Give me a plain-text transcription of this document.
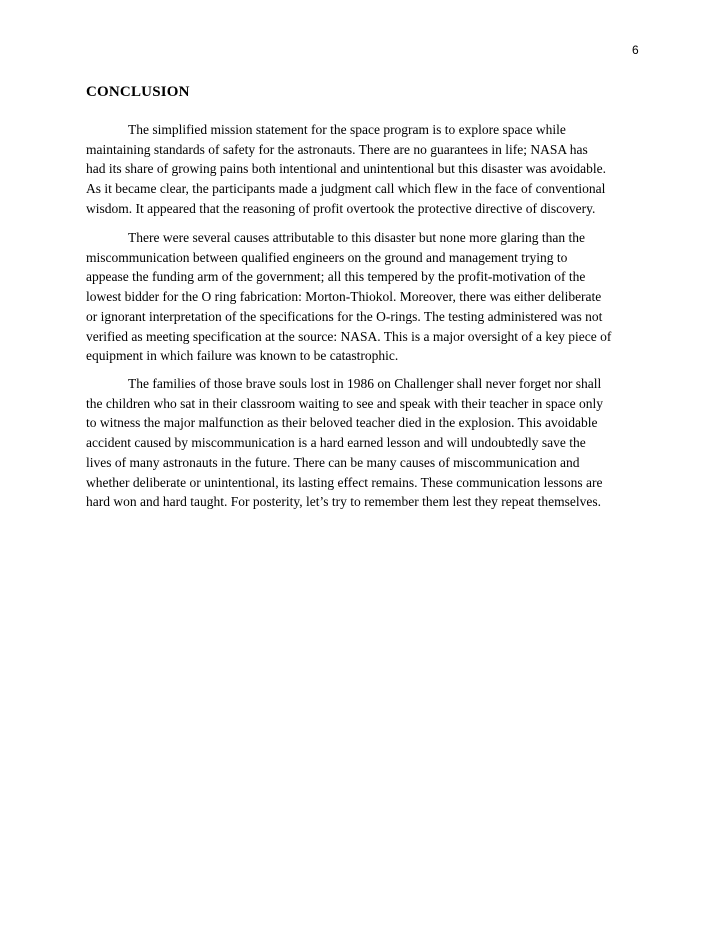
6
CONCLUSION
The simplified mission statement for the space program is to explore space while
maintaining standards of safety for the astronauts. There are no guarantees in life; NASA has
had its share of growing pains both intentional and unintentional but this disaster was avoidable.
As it became clear, the participants made a judgment call which flew in the face of conventional
wisdom. It appeared that the reasoning of profit overtook the protective directive of discovery.
There were several causes attributable to this disaster but none more glaring than the
miscommunication between qualified engineers on the ground and management trying to
appease the funding arm of the government; all this tempered by the profit-motivation of the
lowest bidder for the O ring fabrication: Morton-Thiokol. Moreover, there was either deliberate
or ignorant interpretation of the specifications for the O-rings. The testing administered was not
verified as meeting specification at the source: NASA. This is a major oversight of a key piece of
equipment in which failure was known to be catastrophic.
The families of those brave souls lost in 1986 on Challenger shall never forget nor shall
the children who sat in their classroom waiting to see and speak with their teacher in space only
to witness the major malfunction as their beloved teacher died in the explosion. This avoidable
accident caused by miscommunication is a hard earned lesson and will undoubtedly save the
lives of many astronauts in the future. There can be many causes of miscommunication and
whether deliberate or unintentional, its lasting effect remains. These communication lessons are
hard won and hard taught. For posterity, let’s try to remember them lest they repeat themselves.
